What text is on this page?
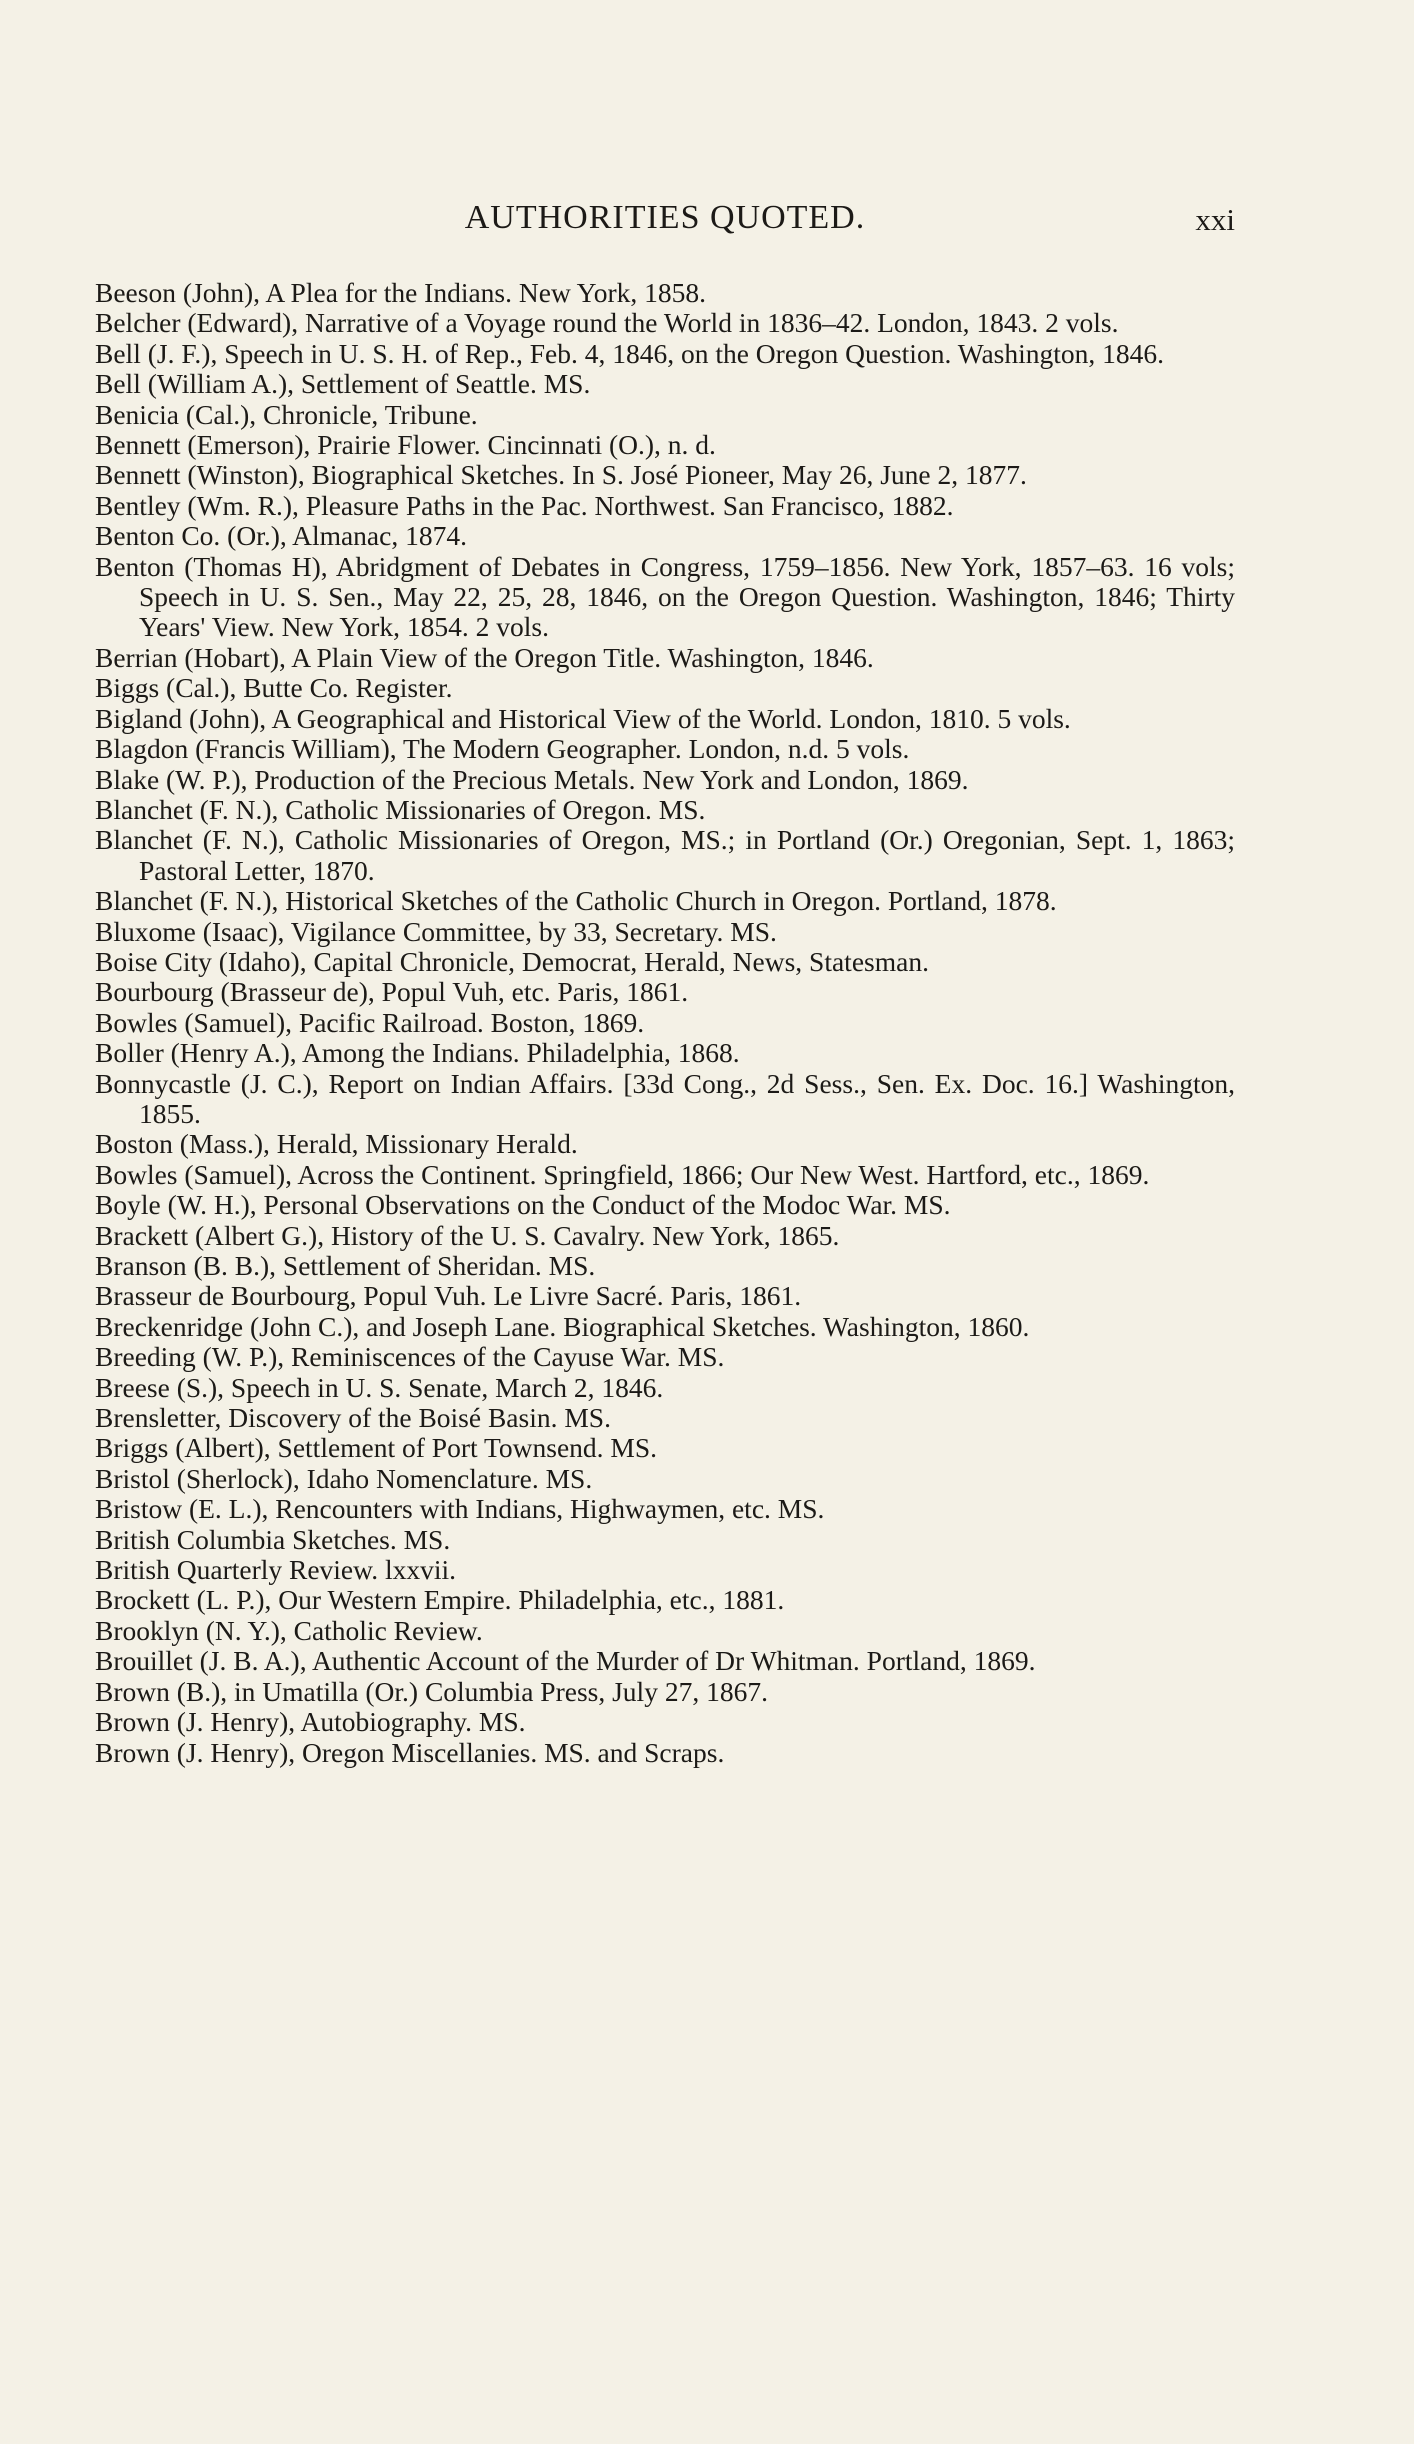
AUTHORITIES QUOTED.	xxi
Beeson (John), A Plea for the Indians. New York, 1858.
Belcher (Edward), Narrative of a Voyage round the World in 1836–42. London, 1843. 2 vols.
Bell (J. F.), Speech in U. S. H. of Rep., Feb. 4, 1846, on the Oregon Question. Washington, 1846.
Bell (William A.), Settlement of Seattle. MS.
Benicia (Cal.), Chronicle, Tribune.
Bennett (Emerson), Prairie Flower. Cincinnati (O.), n. d.
Bennett (Winston), Biographical Sketches. In S. José Pioneer, May 26, June 2, 1877.
Bentley (Wm. R.), Pleasure Paths in the Pac. Northwest. San Francisco, 1882.
Benton Co. (Or.), Almanac, 1874.
Benton (Thomas H), Abridgment of Debates in Congress, 1759–1856. New York, 1857–63. 16 vols; Speech in U. S. Sen., May 22, 25, 28, 1846, on the Oregon Question. Washington, 1846; Thirty Years' View. New York, 1854. 2 vols.
Berrian (Hobart), A Plain View of the Oregon Title. Washington, 1846.
Biggs (Cal.), Butte Co. Register.
Bigland (John), A Geographical and Historical View of the World. London, 1810. 5 vols.
Blagdon (Francis William), The Modern Geographer. London, n.d. 5 vols.
Blake (W. P.), Production of the Precious Metals. New York and London, 1869.
Blanchet (F. N.), Catholic Missionaries of Oregon. MS.
Blanchet (F. N.), Catholic Missionaries of Oregon, MS.; in Portland (Or.) Oregonian, Sept. 1, 1863; Pastoral Letter, 1870.
Blanchet (F. N.), Historical Sketches of the Catholic Church in Oregon. Portland, 1878.
Bluxome (Isaac), Vigilance Committee, by 33, Secretary. MS.
Boise City (Idaho), Capital Chronicle, Democrat, Herald, News, Statesman.
Bourbourg (Brasseur de), Popul Vuh, etc. Paris, 1861.
Bowles (Samuel), Pacific Railroad. Boston, 1869.
Boller (Henry A.), Among the Indians. Philadelphia, 1868.
Bonnycastle (J. C.), Report on Indian Affairs. [33d Cong., 2d Sess., Sen. Ex. Doc. 16.] Washington, 1855.
Boston (Mass.), Herald, Missionary Herald.
Bowles (Samuel), Across the Continent. Springfield, 1866; Our New West. Hartford, etc., 1869.
Boyle (W. H.), Personal Observations on the Conduct of the Modoc War. MS.
Brackett (Albert G.), History of the U. S. Cavalry. New York, 1865.
Branson (B. B.), Settlement of Sheridan. MS.
Brasseur de Bourbourg, Popul Vuh. Le Livre Sacré. Paris, 1861.
Breckenridge (John C.), and Joseph Lane. Biographical Sketches. Washington, 1860.
Breeding (W. P.), Reminiscences of the Cayuse War. MS.
Breese (S.), Speech in U. S. Senate, March 2, 1846.
Brensletter, Discovery of the Boisé Basin. MS.
Briggs (Albert), Settlement of Port Townsend. MS.
Bristol (Sherlock), Idaho Nomenclature. MS.
Bristow (E. L.), Rencounters with Indians, Highwaymen, etc. MS.
British Columbia Sketches. MS.
British Quarterly Review. lxxvii.
Brockett (L. P.), Our Western Empire. Philadelphia, etc., 1881.
Brooklyn (N. Y.), Catholic Review.
Brouillet (J. B. A.), Authentic Account of the Murder of Dr Whitman. Portland, 1869.
Brown (B.), in Umatilla (Or.) Columbia Press, July 27, 1867.
Brown (J. Henry), Autobiography. MS.
Brown (J. Henry), Oregon Miscellanies. MS. and Scraps.
